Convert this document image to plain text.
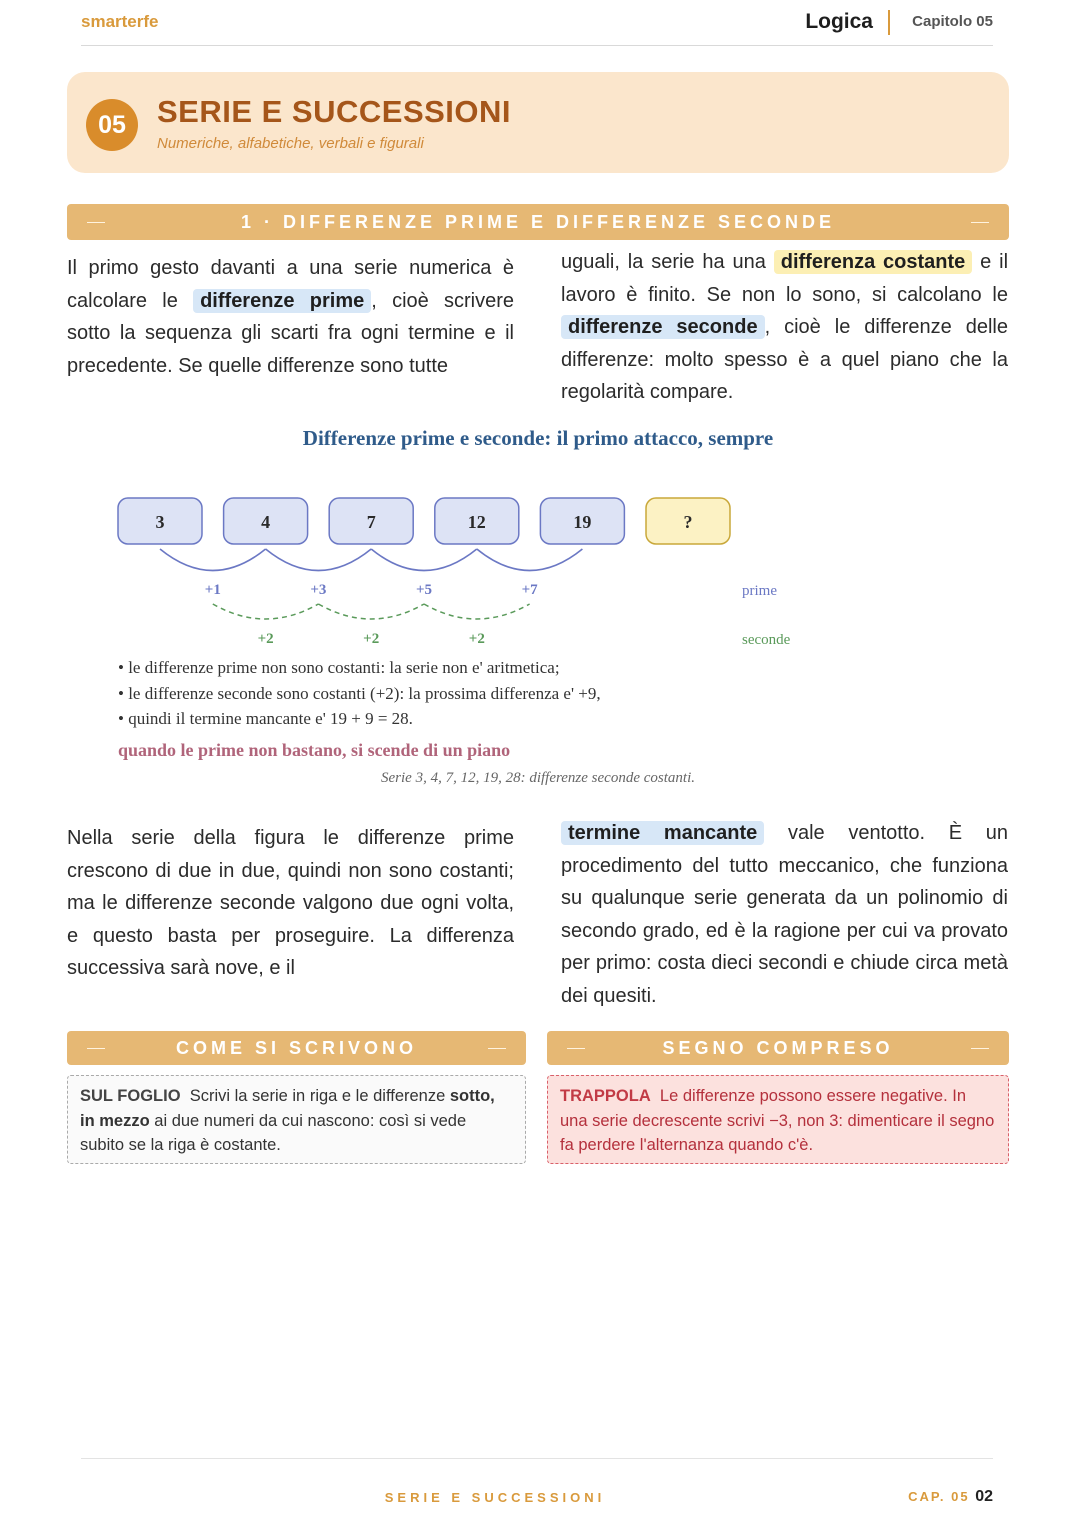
smarterfe	Logica	Capitolo 05
05	SERIE E SUCCESSIONI
Numeriche, alfabetiche, verbali e figurali
1 · DIFFERENZE PRIME E DIFFERENZE SECONDE
Il primo gesto davanti a una serie numerica è calcolare le differenze prime , cioè scrivere sotto la sequenza gli scarti fra ogni termine e il precedente. Se quelle differenze sono tutte
uguali, la serie ha una differenza costante e il lavoro è finito. Se non lo sono, si calcolano le differenze seconde , cioè le differenze delle differenze: molto spesso è a quel piano che la regolarità compare.
Differenze prime e seconde: il primo attacco, sempre
3	4	7	12	19	?
+1	+3	+5	+7
+2	+2	+2
prime
seconde
• le differenze prime non sono costanti: la serie non e' aritmetica;
• le differenze seconde sono costanti (+2): la prossima differenza e' +9,
• quindi il termine mancante e' 19 + 9 = 28.
quando le prime non bastano, si scende di un piano
Serie 3, 4, 7, 12, 19, 28: differenze seconde costanti.
Nella serie della figura le differenze prime crescono di due in due, quindi non sono costanti; ma le differenze seconde valgono due ogni volta, e questo basta per proseguire. La differenza successiva sarà nove, e il
termine mancante vale ventotto. È un procedimento del tutto meccanico, che funziona su qualunque serie generata da un polinomio di secondo grado, ed è la ragione per cui va provato per primo: costa dieci secondi e chiude circa metà dei quesiti.
COME SI SCRIVONO	SEGNO COMPRESO
SUL FOGLIO Scrivi la serie in riga e le differenze sotto, in mezzo ai due numeri da cui nascono: così si vede subito se la riga è costante.
TRAPPOLA Le differenze possono essere negative. In una serie decrescente scrivi −3, non 3: dimenticare il segno fa perdere l'alternanza quando c'è.
SERIE E SUCCESSIONI	CAP. 05 02
